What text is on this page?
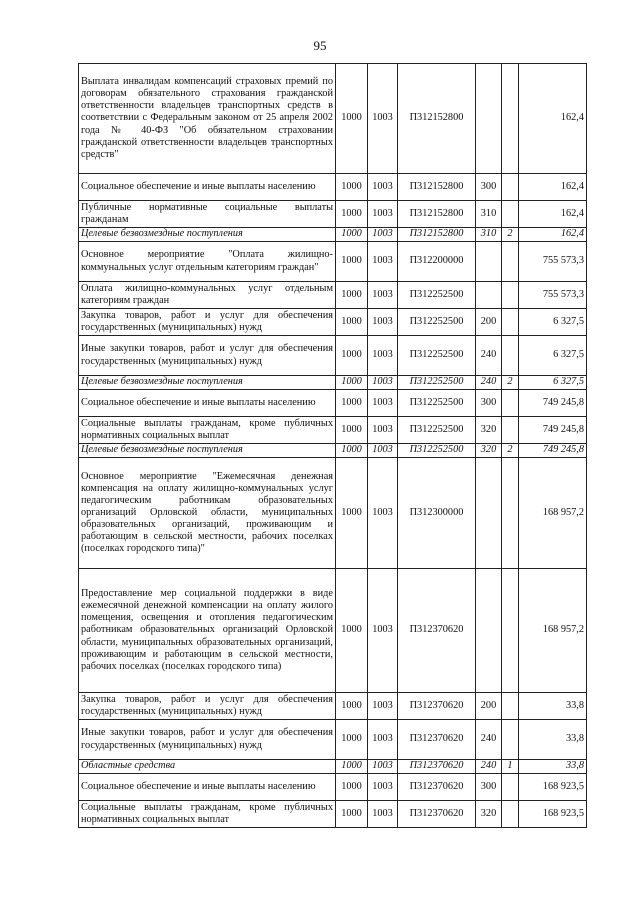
95
Выплата инвалидам компенсаций страховых премий по договорам обязательного страхования гражданской ответственности владельцев транспортных средств в соответствии с Федеральным законом от 25 апреля 2002 года № 40-ФЗ "Об обязательном страховании гражданской ответственности владельцев транспортных средств"	1000	1003	П312152800			162,4
Социальное обеспечение и иные выплаты населению	1000	1003	П312152800	300		162,4
Публичные нормативные социальные выплаты гражданам	1000	1003	П312152800	310		162,4
Целевые безвозмездные поступления	1000	1003	П312152800	310	2	162,4
Основное мероприятие "Оплата жилищно-коммунальных услуг отдельным категориям граждан"	1000	1003	П312200000			755 573,3
Оплата жилищно-коммунальных услуг отдельным категориям граждан	1000	1003	П312252500			755 573,3
Закупка товаров, работ и услуг для обеспечения государственных (муниципальных) нужд	1000	1003	П312252500	200		6 327,5
Иные закупки товаров, работ и услуг для обеспечения государственных (муниципальных) нужд	1000	1003	П312252500	240		6 327,5
Целевые безвозмездные поступления	1000	1003	П312252500	240	2	6 327,5
Социальное обеспечение и иные выплаты населению	1000	1003	П312252500	300		749 245,8
Социальные выплаты гражданам, кроме публичных нормативных социальных выплат	1000	1003	П312252500	320		749 245,8
Целевые безвозмездные поступления	1000	1003	П312252500	320	2	749 245,8
Основное мероприятие "Ежемесячная денежная компенсация на оплату жилищно-коммунальных услуг педагогическим работникам образовательных организаций Орловской области, муниципальных образовательных организаций, проживающим и работающим в сельской местности, рабочих поселках (поселках городского типа)"	1000	1003	П312300000			168 957,2
Предоставление мер социальной поддержки в виде ежемесячной денежной компенсации на оплату жилого помещения, освещения и отопления педагогическим работникам образовательных организаций Орловской области, муниципальных образовательных организаций, проживающим и работающим в сельской местности, рабочих поселках (поселках городского типа)	1000	1003	П312370620			168 957,2
Закупка товаров, работ и услуг для обеспечения государственных (муниципальных) нужд	1000	1003	П312370620	200		33,8
Иные закупки товаров, работ и услуг для обеспечения государственных (муниципальных) нужд	1000	1003	П312370620	240		33,8
Областные средства	1000	1003	П312370620	240	1	33,8
Социальное обеспечение и иные выплаты населению	1000	1003	П312370620	300		168 923,5
Социальные выплаты гражданам, кроме публичных нормативных социальных выплат	1000	1003	П312370620	320		168 923,5
